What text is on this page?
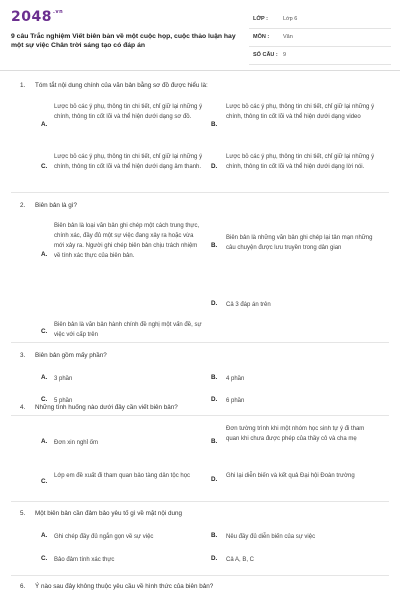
$2048^{.vn}$
9 câu Trắc nghiệm Viết biên bản về một cuộc họp, cuộc thảo luận hay một sự việc Chân trời sáng tạo có đáp án
LỚP :	Lớp 6
MÔN :	Văn
SỐ CÂU : 9
1. Tóm tắt nội dung chính của văn bản bằng sơ đồ được hiểu là:
A.
Lược bỏ các ý phụ, thông tin chi tiết, chỉ giữ lại những ý chính, thông tin cốt lõi và thể hiện dưới dạng sơ đồ.
B.
Lược bỏ các ý phụ, thông tin chi tiết, chỉ giữ lại những ý chính, thông tin cốt lõi và thể hiện dưới dạng video
C.
Lược bỏ các ý phụ, thông tin chi tiết, chỉ giữ lại những ý chính, thông tin cốt lõi và thể hiện dưới dạng âm thanh.	D.
Lược bỏ các ý phụ, thông tin chi tiết, chỉ giữ lại những ý chính, thông tin cốt lõi và thể hiện dưới dạng lời nói.
2. Biên bản là gì?
A.
Biên bản là loại văn bản ghi chép một cách trung thực, chính xác, đầy đủ một sự việc đang xảy ra hoặc vừa mới xảy ra. Người ghi chép biên bản chịu trách nhiệm về tính xác thực của biên bản.
B.
Biên bản là những văn bản ghi chép lại tản mạn những câu chuyện được lưu truyền trong dân gian
C.
Biên bản là văn bản hành chính đề nghị một vấn đề, sự việc với cấp trên
D. Cả 3 đáp án trên
3. Biên bản gồm mấy phần?
A. 3 phần	B. 4 phần
C. 5 phần	D. 6 phần
4. Những tình huống nào dưới đây cần viết biên bản?
A. Đơn xin nghỉ ốm	B.
Đơn tường trình khi một nhóm học sinh tự ý đi tham quan khi chưa được phép của thầy cô và cha mẹ
C.
Lớp em đề xuất đi tham quan bảo tàng dân tộc học	D. Ghi lại diễn biến và kết quả Đại hội Đoàn trường
5. Một biên bản cần đảm bảo yêu tố gì về mặt nội dung
A. Ghi chép đầy đủ ngắn gọn về sự việc	B. Nêu đầy đủ diễn biến của sự việc
C. Bảo đảm tính xác thực	D. Cả A, B, C
6. Ý nào sau đây không thuộc yêu cầu về hình thức của biên bản?
